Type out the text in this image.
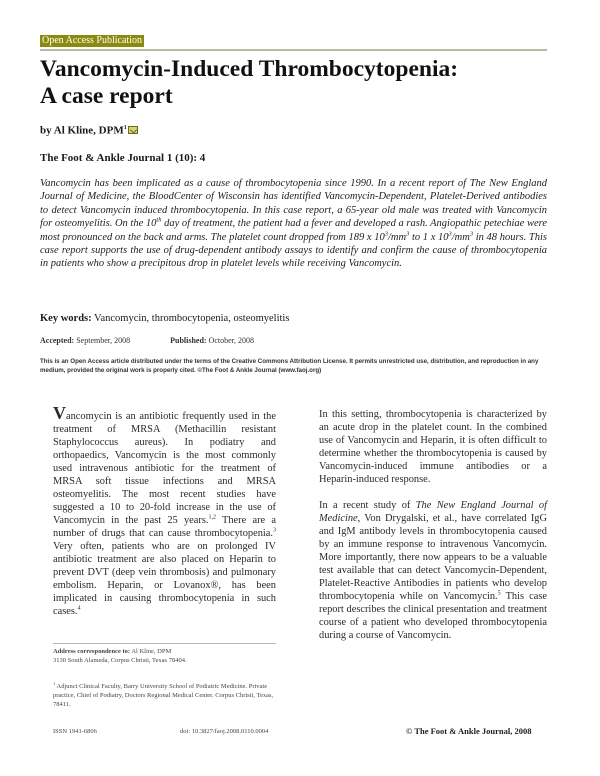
Open Access Publication
Vancomycin-Induced Thrombocytopenia:
A case report
by Al Kline, DPM$^1$
The Foot & Ankle Journal 1 (10): 4
Vancomycin has been implicated as a cause of thrombocytopenia since 1990. In a recent report of The New England Journal of Medicine, the BloodCenter of Wisconsin has identified Vancomycin-Dependent, Platelet-Derived antibodies to detect Vancomycin induced thrombocytopenia. In this case report, a 65-year old male was treated with Vancomycin for osteomyelitis. On the 10th day of treatment, the patient had a fever and developed a rash. Angiopathic petechiae were most pronounced on the back and arms. The platelet count dropped from 189 x $10^3/mm^3$ to 1 x $10^3/mm^3$ in 48 hours. This case report supports the use of drug-dependent antibody assays to identify and confirm the cause of thrombocytopenia in patients who show a precipitous drop in platelet levels while receiving Vancomycin.
Key words: Vancomycin, thrombocytopenia, osteomyelitis
Accepted: September, 2008	Published: October, 2008
This is an Open Access article distributed under the terms of the Creative Commons Attribution License. It permits unrestricted use, distribution, and reproduction in any medium, provided the original work is properly cited. ©The Foot & Ankle Journal (www.faoj.org)

Vancomycin is an antibiotic frequently used in the treatment of MRSA (Methacillin resistant Staphylococcus aureus). In podiatry and orthopaedics, Vancomycin is the most commonly used intravenous antibiotic for the treatment of MRSA soft tissue infections and MRSA osteomyelitis. The most recent studies have suggested a 10 to 20-fold increase in the use of Vancomycin in the past 25 years.$^{1,2}$ There are a number of drugs that can cause thrombocytopenia.$^3$ Very often, patients who are on prolonged IV antibiotic treatment are also placed on Heparin to prevent DVT (deep vein thrombosis) and pulmonary embolism. Heparin, or Lovanox®, has been implicated in causing thrombocytopenia in such cases.$^4$

In this setting, thrombocytopenia is characterized by an acute drop in the platelet count. In the combined use of Vancomycin and Heparin, it is often difficult to determine whether the thrombocytopenia is caused by Vancomycin-induced immune antibodies or a Heparin-induced response.

In a recent study of The New England Journal of Medicine, Von Drygalski, et al., have correlated IgG and IgM antibody levels in thrombocytopenia caused by an immune response to intravenous Vancomycin. More importantly, there now appears to be a valuable test available that can detect Vancomycin-Dependent, Platelet-Reactive Antibodies in patients who develop thrombocytopenia while on Vancomycin.$^5$ This case report describes the clinical presentation and treatment course of a patient who developed thrombocytopenia during a course of Vancomycin.

Address correspondence to: Al Kline, DPM
3130 South Alameda, Corpus Christi, Texas 78404.
$^1$ Adjunct Clinical Faculty, Barry University School of Podiatric Medicine. Private practice, Chief of Podiatry, Doctors Regional Medical Center. Corpus Christi, Texas, 78411.
ISSN 1941-6806	doi: 10.3827/faoj.2008.0110.0004	© The Foot & Ankle Journal, 2008
